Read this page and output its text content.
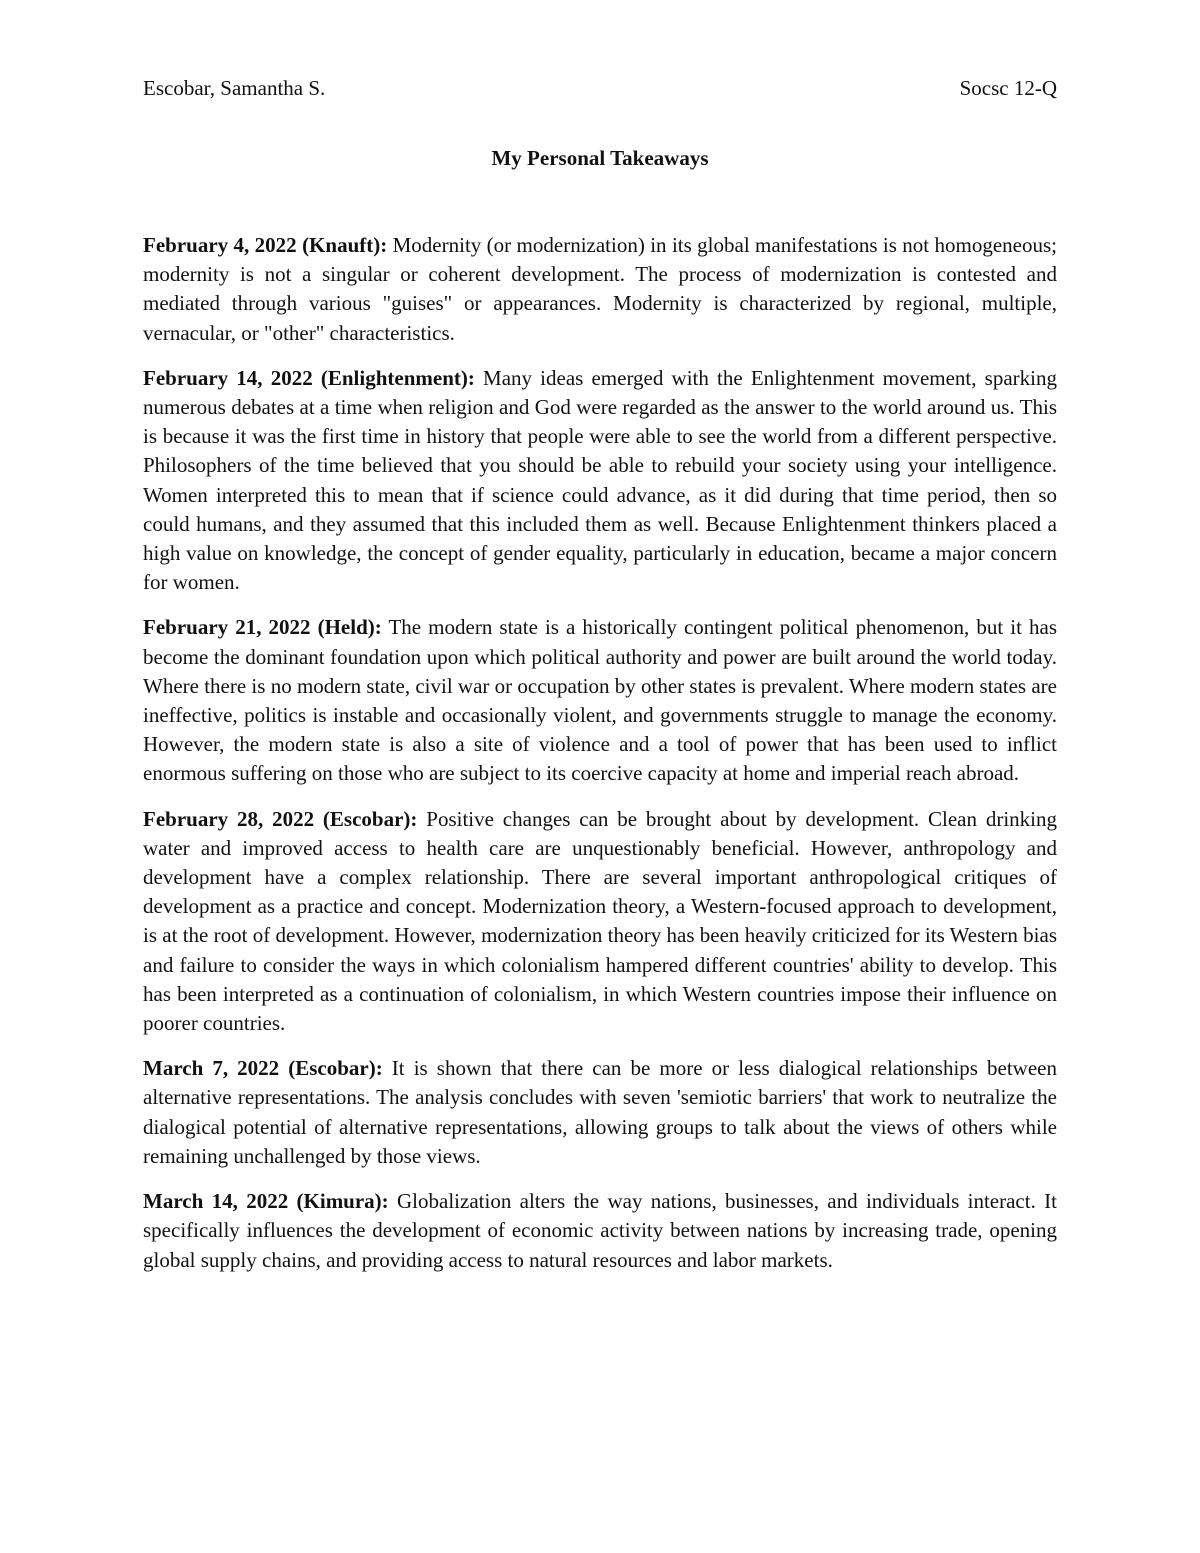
Escobar, Samantha S.	Socsc 12-Q
My Personal Takeaways

February 4, 2022 (Knauft): Modernity (or modernization) in its global manifestations is not homogeneous; modernity is not a singular or coherent development. The process of modernization is contested and mediated through various "guises" or appearances. Modernity is characterized by regional, multiple, vernacular, or "other" characteristics.

February 14, 2022 (Enlightenment): Many ideas emerged with the Enlightenment movement, sparking numerous debates at a time when religion and God were regarded as the answer to the world around us. This is because it was the first time in history that people were able to see the world from a different perspective. Philosophers of the time believed that you should be able to rebuild your society using your intelligence. Women interpreted this to mean that if science could advance, as it did during that time period, then so could humans, and they assumed that this included them as well. Because Enlightenment thinkers placed a high value on knowledge, the concept of gender equality, particularly in education, became a major concern for women.

February 21, 2022 (Held): The modern state is a historically contingent political phenomenon, but it has become the dominant foundation upon which political authority and power are built around the world today. Where there is no modern state, civil war or occupation by other states is prevalent. Where modern states are ineffective, politics is instable and occasionally violent, and governments struggle to manage the economy. However, the modern state is also a site of violence and a tool of power that has been used to inflict enormous suffering on those who are subject to its coercive capacity at home and imperial reach abroad.

February 28, 2022 (Escobar): Positive changes can be brought about by development. Clean drinking water and improved access to health care are unquestionably beneficial. However, anthropology and development have a complex relationship. There are several important anthropological critiques of development as a practice and concept. Modernization theory, a Western-focused approach to development, is at the root of development. However, modernization theory has been heavily criticized for its Western bias and failure to consider the ways in which colonialism hampered different countries' ability to develop. This has been interpreted as a continuation of colonialism, in which Western countries impose their influence on poorer countries.

March 7, 2022 (Escobar): It is shown that there can be more or less dialogical relationships between alternative representations. The analysis concludes with seven 'semiotic barriers' that work to neutralize the dialogical potential of alternative representations, allowing groups to talk about the views of others while remaining unchallenged by those views.

March 14, 2022 (Kimura): Globalization alters the way nations, businesses, and individuals interact. It specifically influences the development of economic activity between nations by increasing trade, opening global supply chains, and providing access to natural resources and labor markets.
